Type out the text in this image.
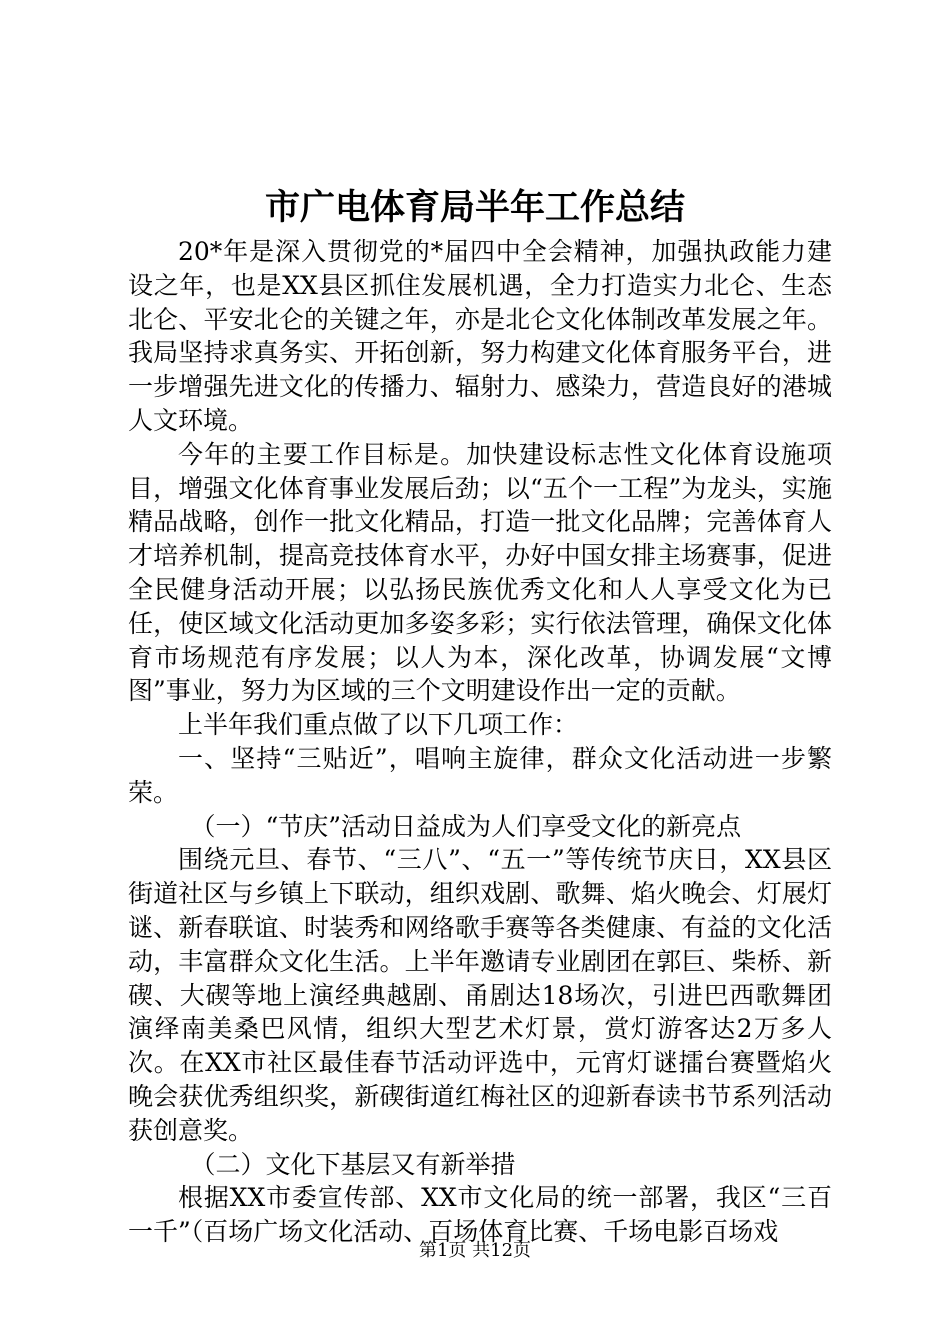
市广电体育局半年工作总结

20*年是深入贯彻党的*届四中全会精神，加强执政能力建设之年，也是XX县区抓住发展机遇，全力打造实力北仑、生态北仑、平安北仑的关键之年，亦是北仑文化体制改革发展之年。我局坚持求真务实、开拓创新，努力构建文化体育服务平台，进一步增强先进文化的传播力、辐射力、感染力，营造良好的港城人文环境。

今年的主要工作目标是。加快建设标志性文化体育设施项目，增强文化体育事业发展后劲；以“五个一工程”为龙头，实施精品战略，创作一批文化精品，打造一批文化品牌；完善体育人才培养机制，提高竞技体育水平，办好中国女排主场赛事，促进全民健身活动开展；以弘扬民族优秀文化和人人享受文化为已任，使区域文化活动更加多姿多彩；实行依法管理，确保文化体育市场规范有序发展；以人为本，深化改革，协调发展“文博图”事业，努力为区域的三个文明建设作出一定的贡献。

上半年我们重点做了以下几项工作：

一、坚持“三贴近”，唱响主旋律，群众文化活动进一步繁荣。

（一）“节庆”活动日益成为人们享受文化的新亮点

围绕元旦、春节、“三八”、“五一”等传统节庆日，XX县区街道社区与乡镇上下联动，组织戏剧、歌舞、焰火晚会、灯展灯谜、新春联谊、时装秀和网络歌手赛等各类健康、有益的文化活动，丰富群众文化生活。上半年邀请专业剧团在郭巨、柴桥、新碶、大碶等地上演经典越剧、甬剧达18场次，引进巴西歌舞团演绎南美桑巴风情，组织大型艺术灯景，赏灯游客达2万多人次。在XX市社区最佳春节活动评选中，元宵灯谜擂台赛暨焰火晚会获优秀组织奖，新碶街道红梅社区的迎新春读书节系列活动获创意奖。

（二）文化下基层又有新举措

根据XX市委宣传部、XX市文化局的统一部署，我区“三百一千”（百场广场文化活动、百场体育比赛、千场电影百场戏

第1页 共12页
